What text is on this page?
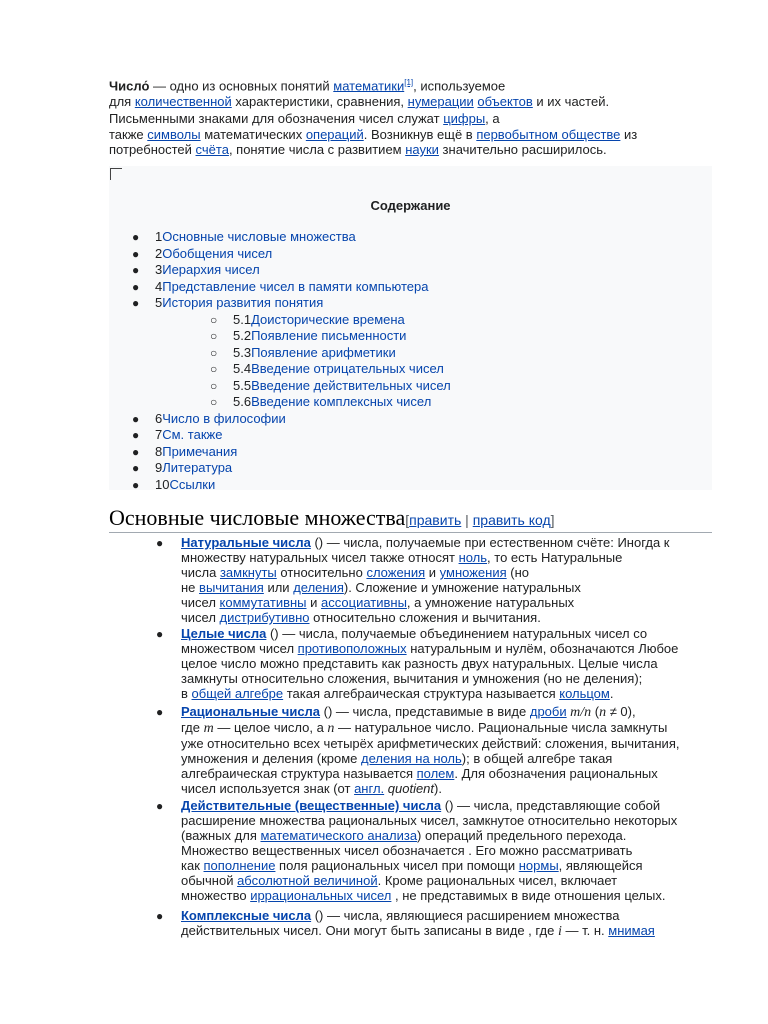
Число́ — одно из основных понятий математики[1], используемое
для количественной характеристики, сравнения, нумерации объектов и их частей.
Письменными знаками для обозначения чисел служат цифры, а
также символы математических операций. Возникнув ещё в первобытном обществе из
потребностей счёта, понятие числа с развитием науки значительно расширилось.
Содержание
● 1Основные числовые множества
● 2Обобщения чисел
● 3Иерархия чисел
● 4Представление чисел в памяти компьютера
● 5История развития понятия
○ 5.1Доисторические времена
○ 5.2Появление письменности
○ 5.3Появление арифметики
○ 5.4Введение отрицательных чисел
○ 5.5Введение действительных чисел
○ 5.6Введение комплексных чисел
● 6Число в философии
● 7См. также
● 8Примечания
● 9Литература
● 10Ссылки
Основные числовые множества[править | править код]
● Натуральные числа () — числа, получаемые при естественном счёте: Иногда к
множеству натуральных чисел также относят ноль, то есть Натуральные
числа замкнуты относительно сложения и умножения (но
не вычитания или деления). Сложение и умножение натуральных
чисел коммутативны и ассоциативны, а умножение натуральных
чисел дистрибутивно относительно сложения и вычитания.
● Целые числа () — числа, получаемые объединением натуральных чисел со
множеством чисел противоположных натуральным и нулём, обозначаются Любое
целое число можно представить как разность двух натуральных. Целые числа
замкнуты относительно сложения, вычитания и умножения (но не деления);
в общей алгебре такая алгебраическая структура называется кольцом.
● Рациональные числа () — числа, представимые в виде дроби m/n (n ≠ 0),
где m — целое число, а n — натуральное число. Рациональные числа замкнуты
уже относительно всех четырёх арифметических действий: сложения, вычитания,
умножения и деления (кроме деления на ноль); в общей алгебре такая
алгебраическая структура называется полем. Для обозначения рациональных
чисел используется знак (от англ. quotient).
● Действительные (вещественные) числа () — числа, представляющие собой
расширение множества рациональных чисел, замкнутое относительно некоторых
(важных для математического анализа) операций предельного перехода.
Множество вещественных чисел обозначается . Его можно рассматривать
как пополнение поля рациональных чисел при помощи нормы, являющейся
обычной абсолютной величиной. Кроме рациональных чисел, включает
множество иррациональных чисел , не представимых в виде отношения целых.
● Комплексные числа () — числа, являющиеся расширением множества
действительных чисел. Они могут быть записаны в виде , где i — т. н. мнимая
